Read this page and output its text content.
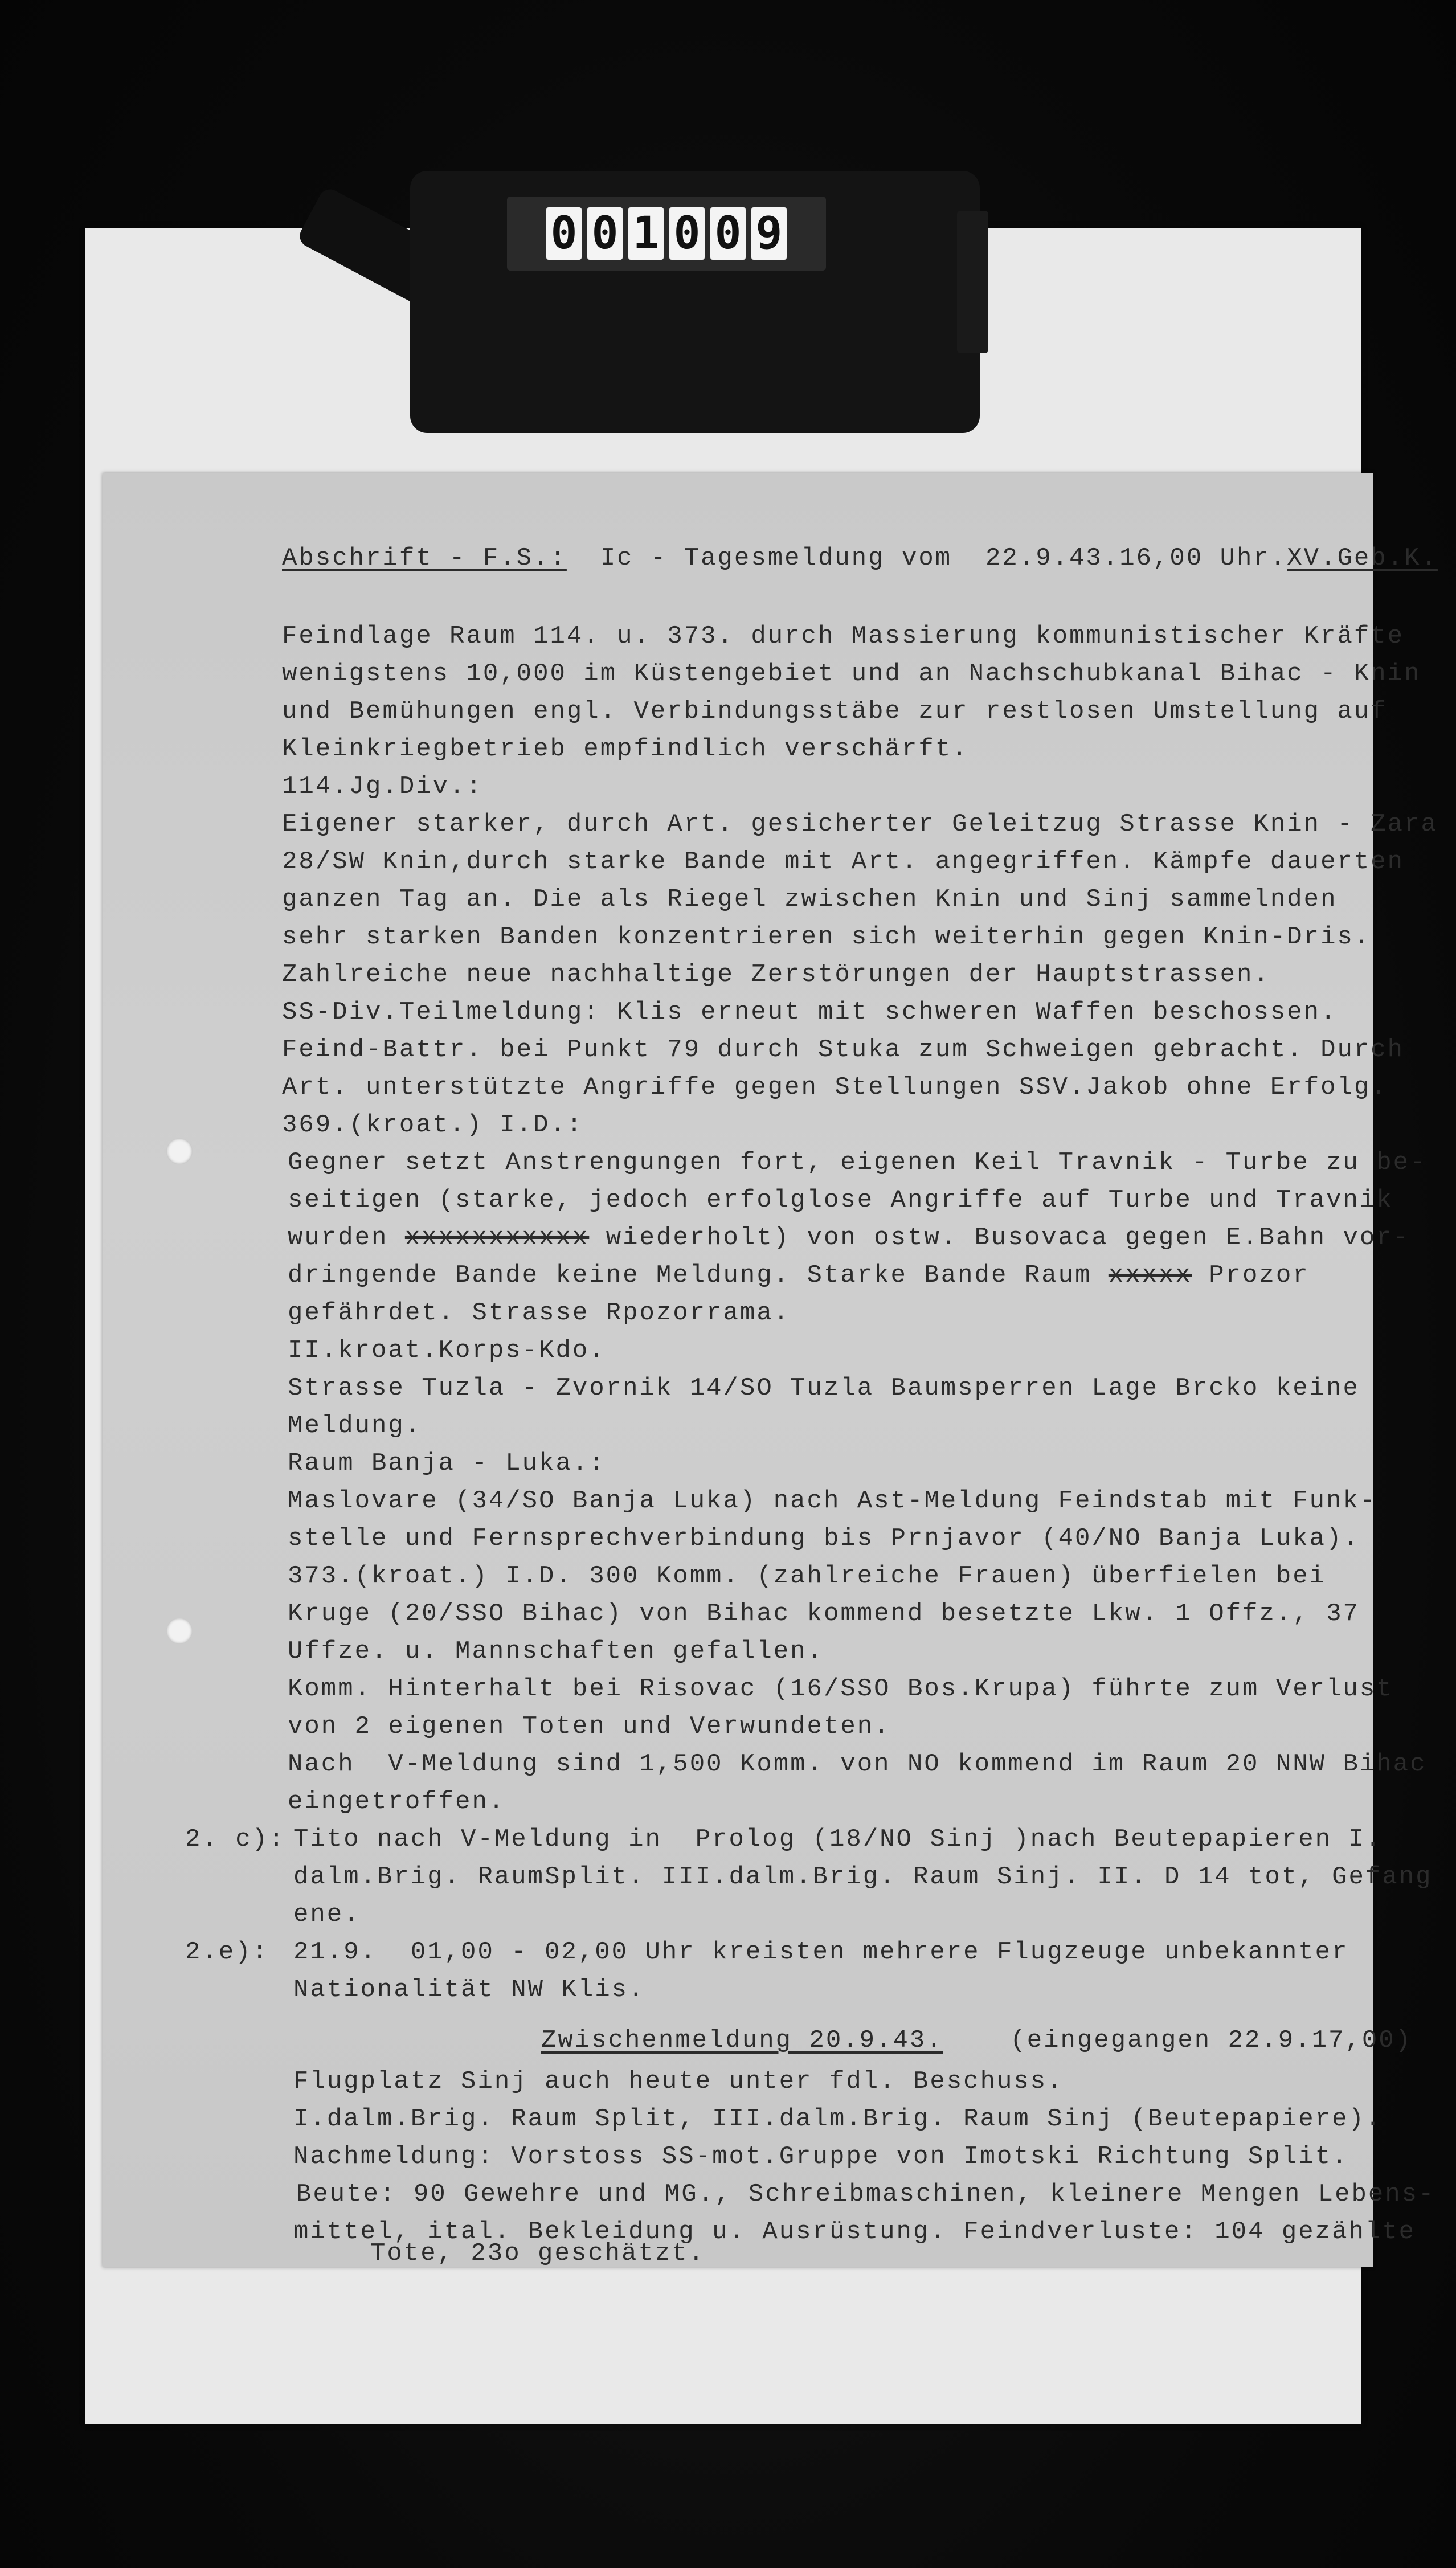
0 0 1 0 0 9
Abschrift - F.S.: Ic - Tagesmeldung vom  22.9.43.16,00 Uhr.XV.Geb.K.
Feindlage Raum 114. u. 373. durch Massierung kommunistischer Kräfte
wenigstens 10,000 im Küstengebiet und an Nachschubkanal Bihac - Knin
und Bemühungen engl. Verbindungsstäbe zur restlosen Umstellung auf
Kleinkriegbetrieb empfindlich verschärft.
114.Jg.Div.:
Eigener starker, durch Art. gesicherter Geleitzug Strasse Knin - Zara
28/SW Knin,durch starke Bande mit Art. angegriffen. Kämpfe dauerten
ganzen Tag an. Die als Riegel zwischen Knin und Sinj sammelnden
sehr starken Banden konzentrieren sich weiterhin gegen Knin-Dris.
Zahlreiche neue nachhaltige Zerstörungen der Hauptstrassen.
SS-Div.Teilmeldung: Klis erneut mit schweren Waffen beschossen.
Feind-Battr. bei Punkt 79 durch Stuka zum Schweigen gebracht. Durch
Art. unterstützte Angriffe gegen Stellungen SSV.Jakob ohne Erfolg.
369.(kroat.) I.D.:
Gegner setzt Anstrengungen fort, eigenen Keil Travnik - Turbe zu be-
seitigen (starke, jedoch erfolglose Angriffe auf Turbe und Travnik
wurden xxxxxxxxxxx wiederholt) von ostw. Busovaca gegen E.Bahn vor-
dringende Bande keine Meldung. Starke Bande Raum xxxxx Prozor
gefährdet. Strasse Rpozorrama.
II.kroat.Korps-Kdo.
Strasse Tuzla - Zvornik 14/SO Tuzla Baumsperren Lage Brcko keine
Meldung.
Raum Banja - Luka.:
Maslovare (34/SO Banja Luka) nach Ast-Meldung Feindstab mit Funk-
stelle und Fernsprechverbindung bis Prnjavor (40/NO Banja Luka).
373.(kroat.) I.D. 300 Komm. (zahlreiche Frauen) überfielen bei
Kruge (20/SSO Bihac) von Bihac kommend besetzte Lkw. 1 Offz., 37
Uffze. u. Mannschaften gefallen.
Komm. Hinterhalt bei Risovac (16/SSO Bos.Krupa) führte zum Verlust
von 2 eigenen Toten und Verwundeten.
Nach  V-Meldung sind 1,500 Komm. von NO kommend im Raum 20 NNW Bihac
eingetroffen.
2. c): Tito nach V-Meldung in  Prolog (18/NO Sinj )nach Beutepapieren I.
dalm.Brig. RaumSplit. III.dalm.Brig. Raum Sinj. II. D 14 tot, Gefang
ene.
2.e): 21.9.  01,00 - 02,00 Uhr kreisten mehrere Flugzeuge unbekannter
Nationalität NW Klis.
Zwischenmeldung 20.9.43.	(eingegangen 22.9.17,00)
Flugplatz Sinj auch heute unter fdl. Beschuss.
I.dalm.Brig. Raum Split, III.dalm.Brig. Raum Sinj (Beutepapiere).
Nachmeldung: Vorstoss SS-mot.Gruppe von Imotski Richtung Split.
Beute: 90 Gewehre und MG., Schreibmaschinen, kleinere Mengen Lebens-
mittel, ital. Bekleidung u. Ausrüstung. Feindverluste: 104 gezählte
Tote, 23o geschätzt.
